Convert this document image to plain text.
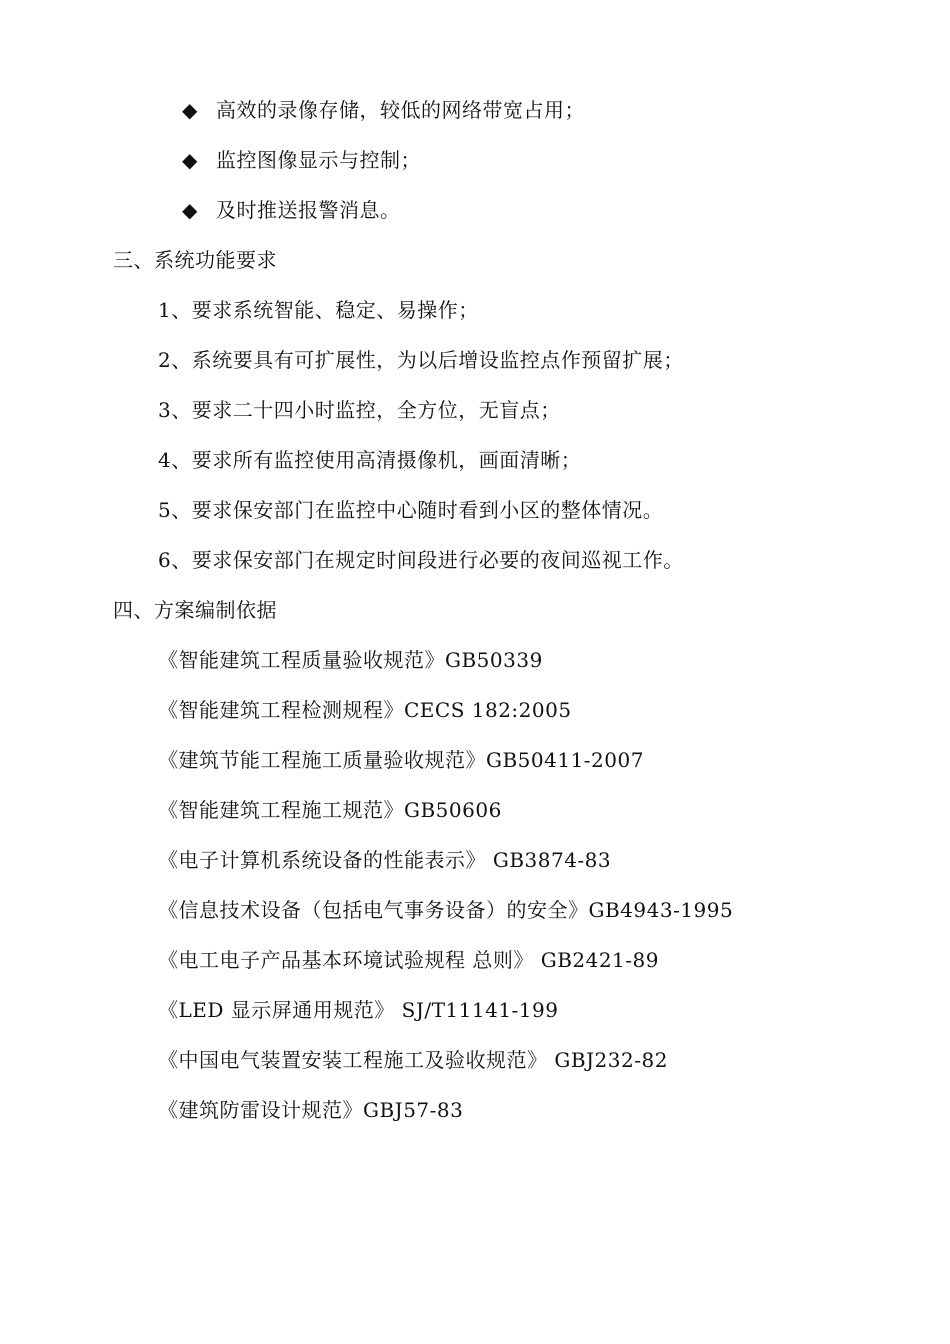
◆ 高效的录像存储，较低的网络带宽占用；
◆ 监控图像显示与控制；
◆ 及时推送报警消息。
三、系统功能要求
1、要求系统智能、稳定、易操作；
2、系统要具有可扩展性，为以后增设监控点作预留扩展；
3、要求二十四小时监控，全方位，无盲点；
4、要求所有监控使用高清摄像机，画面清晰；
5、要求保安部门在监控中心随时看到小区的整体情况。
6、要求保安部门在规定时间段进行必要的夜间巡视工作。
四、方案编制依据
《智能建筑工程质量验收规范》GB50339
《智能建筑工程检测规程》CECS 182:2005
《建筑节能工程施工质量验收规范》GB50411-2007
《智能建筑工程施工规范》GB50606
《电子计算机系统设备的性能表示》 GB3874-83
《信息技术设备（包括电气事务设备）的安全》GB4943-1995
《电工电子产品基本环境试验规程 总则》 GB2421-89
《LED 显示屏通用规范》 SJ/T11141-199
《中国电气装置安装工程施工及验收规范》 GBJ232-82
《建筑防雷设计规范》GBJ57-83
